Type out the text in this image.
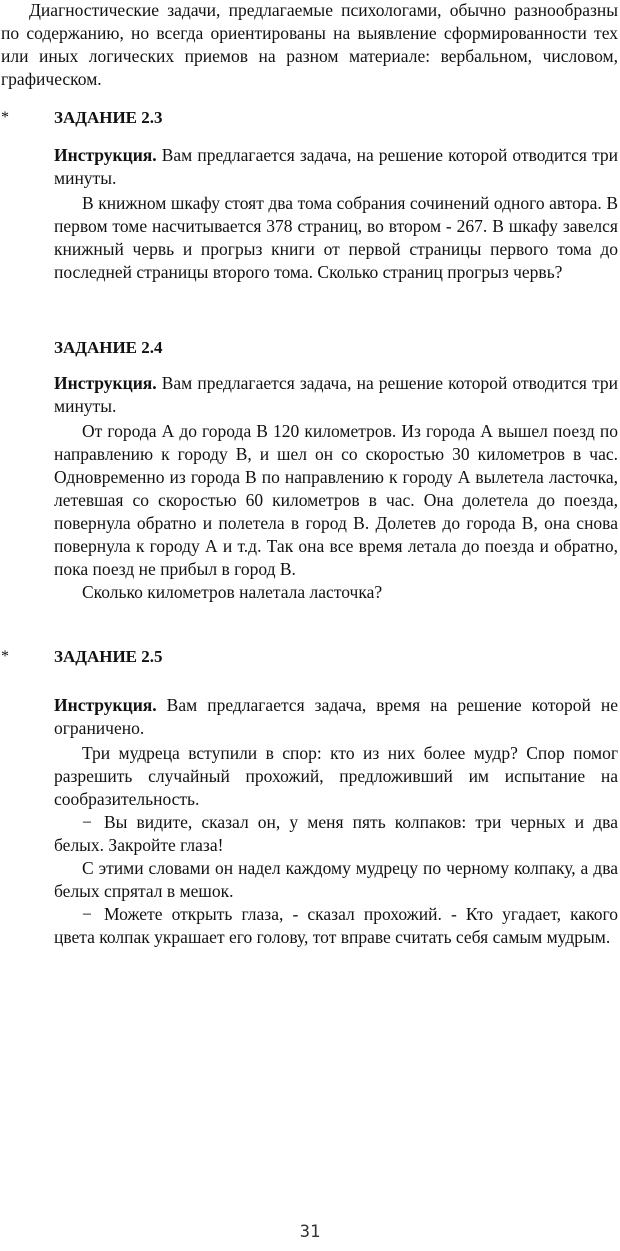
Диагностические задачи, предлагаемые психологами, обычно разнообразны по содержанию, но всегда ориентированы на выявление сформированности тех или иных логических приемов на разном материале: вербальном, числовом, графическом.

*	ЗАДАНИЕ 2.3

Инструкция. Вам предлагается задача, на решение которой отводится три минуты.

В книжном шкафу стоят два тома собрания сочинений одного автора. В первом томе насчитывается 378 страниц, во втором - 267. В шкафу завелся книжный червь и прогрыз книги от первой страницы первого тома до последней страницы второго тома. Сколько страниц прогрыз червь?

ЗАДАНИЕ 2.4

Инструкция. Вам предлагается задача, на решение которой отводится три минуты.

От города А до города В 120 километров. Из города А вышел поезд по направлению к городу В, и шел он со скоростью 30 километров в час. Одновременно из города В по направлению к городу А вылетела ласточка, летевшая со скоростью 60 километров в час. Она долетела до поезда, повернула обратно и полетела в город В. Долетев до города В, она снова повернула к городу А и т.д. Так она все время летала до поезда и обратно, пока поезд не прибыл в город В.

Сколько километров налетала ласточка?

*	ЗАДАНИЕ 2.5

Инструкция. Вам предлагается задача, время на решение которой не ограничено.

Три мудреца вступили в спор: кто из них более мудр? Спор помог разрешить случайный прохожий, предложивший им испытание на сообразительность.

− Вы видите, сказал он, у меня пять колпаков: три черных и два белых. Закройте глаза!

С этими словами он надел каждому мудрецу по черному колпаку, а два белых спрятал в мешок.

− Можете открыть глаза, - сказал прохожий. - Кто угадает, какого цвета колпак украшает его голову, тот вправе считать себя самым мудрым.

31
